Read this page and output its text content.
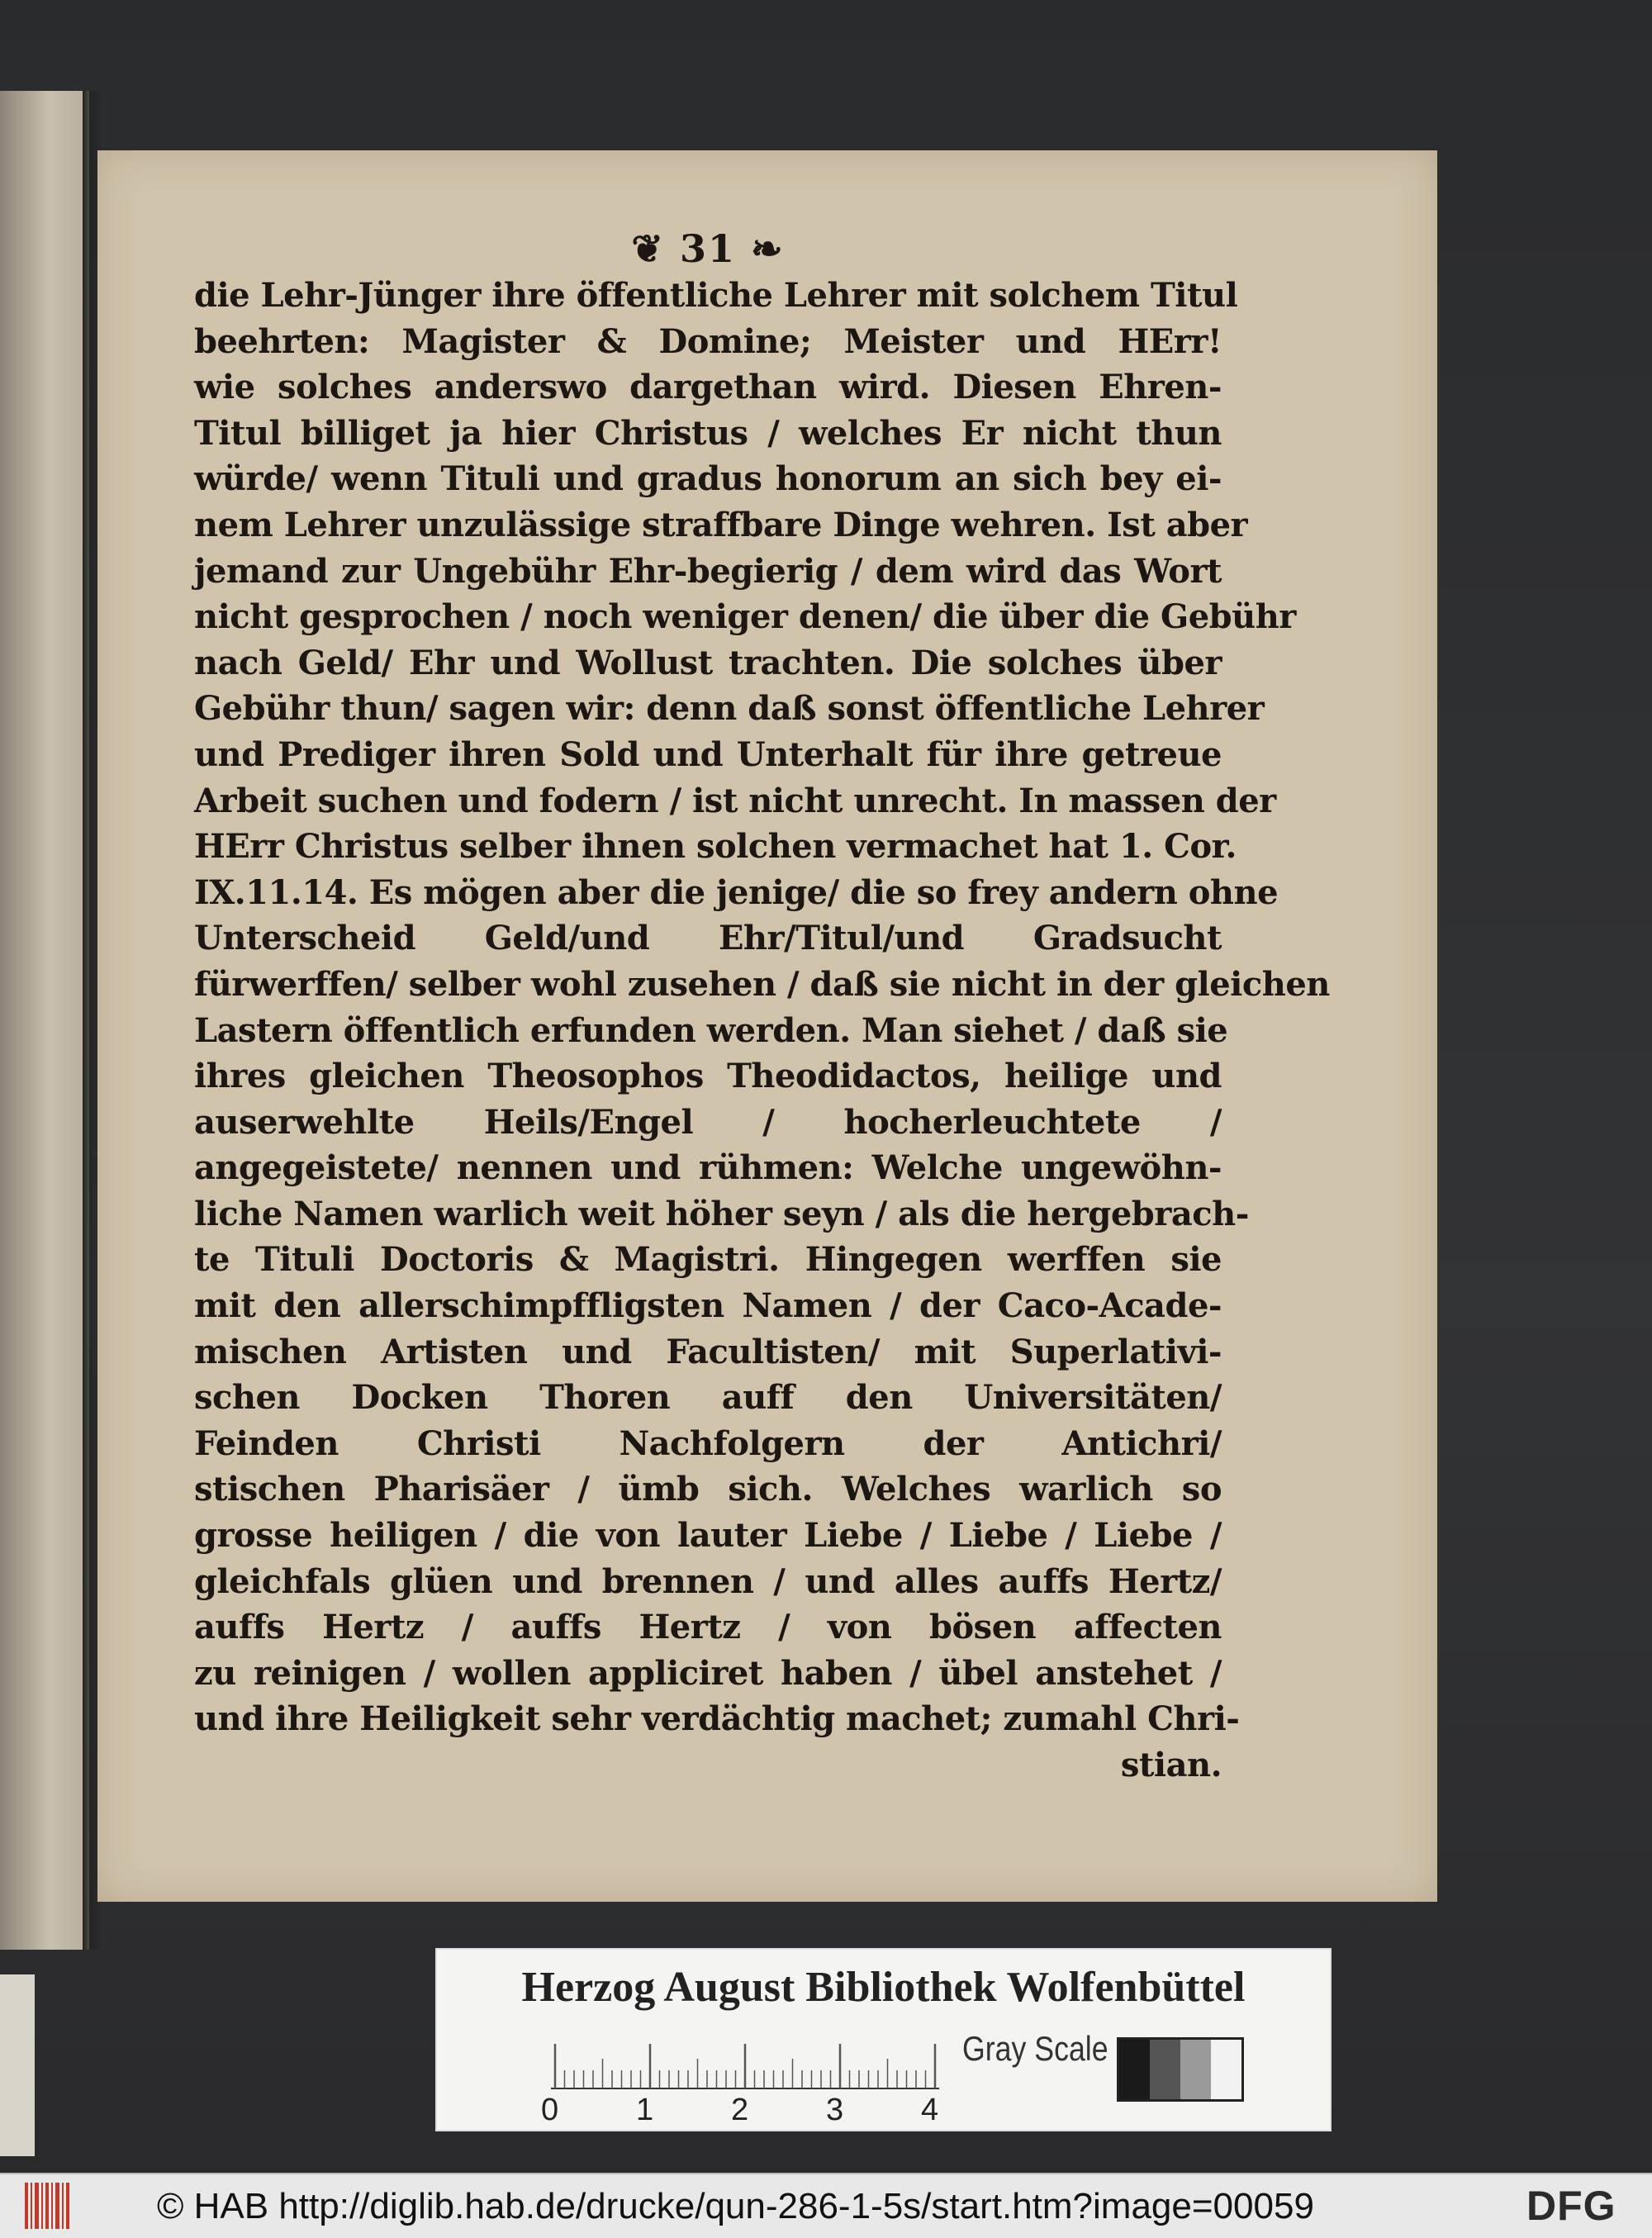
❦ 31 ❧
die Lehr-Jünger ihre öffentliche Lehrer mit solchem Titul
beehrten: Magister & Domine; Meister und HErr!
wie solches anderswo dargethan wird. Diesen Ehren-
Titul billiget ja hier Christus / welches Er nicht thun
würde/ wenn Tituli und gradus honorum an sich bey ei-
nem Lehrer unzulässige straffbare Dinge wehren. Ist aber
jemand zur Ungebühr Ehr-begierig / dem wird das Wort
nicht gesprochen / noch weniger denen/ die über die Gebühr
nach Geld/ Ehr und Wollust trachten. Die solches über
Gebühr thun/ sagen wir: denn daß sonst öffentliche Lehrer
und Prediger ihren Sold und Unterhalt für ihre getreue
Arbeit suchen und fodern / ist nicht unrecht. In massen der
HErr Christus selber ihnen solchen vermachet hat 1. Cor.
IX.11.14. Es mögen aber die jenige/ die so frey andern ohne
Unterscheid Geld/und Ehr/Titul/und Gradsucht
fürwerffen/ selber wohl zusehen / daß sie nicht in der gleichen
Lastern öffentlich erfunden werden. Man siehet / daß sie
ihres gleichen Theosophos Theodidactos, heilige und
auserwehlte Heils/Engel / hocherleuchtete /
angegeistete/ nennen und rühmen: Welche ungewöhn-
liche Namen warlich weit höher seyn / als die hergebrach-
te Tituli Doctoris & Magistri. Hingegen werffen sie
mit den allerschimpffligsten Namen / der Caco-Acade-
mischen Artisten und Facultisten/ mit Superlativi-
schen Docken Thoren auff den Universitäten/
Feinden Christi Nachfolgern der Antichri/
stischen Pharisäer / ümb sich. Welches warlich so
grosse heiligen / die von lauter Liebe / Liebe / Liebe /
gleichfals glüen und brennen / und alles auffs Hertz/
auffs Hertz / auffs Hertz / von bösen affecten
zu reinigen / wollen appliciret haben / übel anstehet /
und ihre Heiligkeit sehr verdächtig machet; zumahl Chri-
stian.
Herzog August Bibliothek Wolfenbüttel
0 1 2 3 4
Gray Scale
© HAB http://diglib.hab.de/drucke/qun-286-1-5s/start.htm?image=00059	DFG
